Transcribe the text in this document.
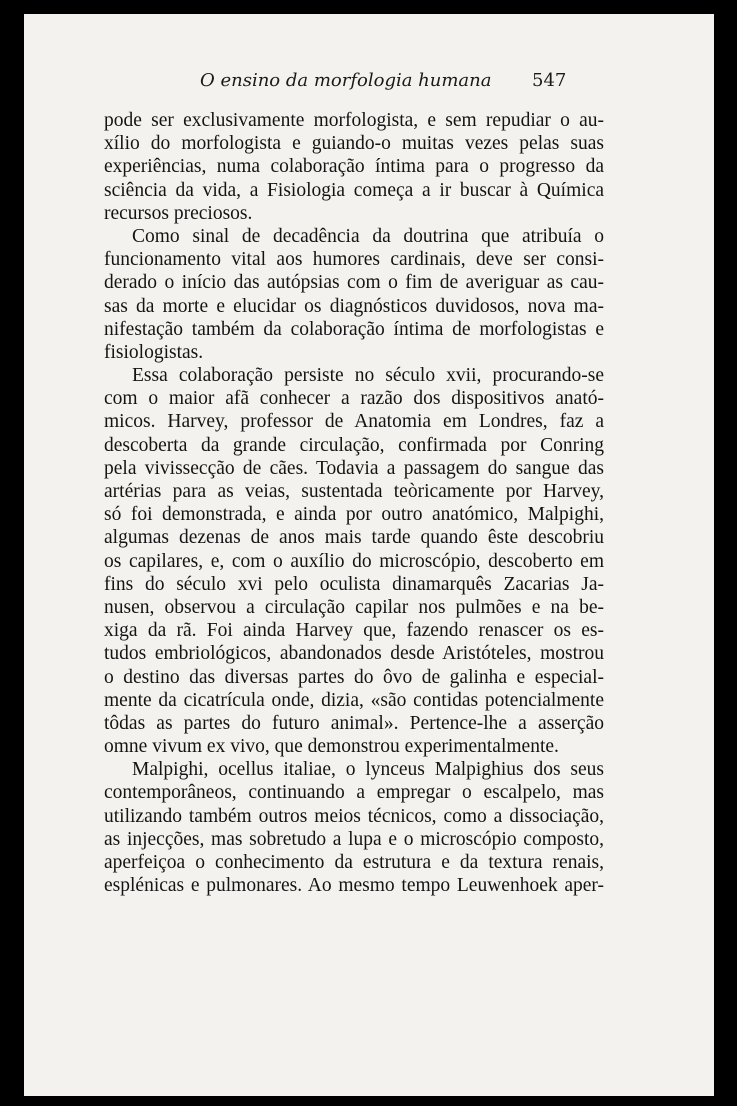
O ensino da morfologia humana 547
pode ser exclusivamente morfologista, e sem repudiar o au-
xílio do morfologista e guiando-o muitas vezes pelas suas
experiências, numa colaboração íntima para o progresso da
sciência da vida, a Fisiologia começa a ir buscar à Química
recursos preciosos.
Como sinal de decadência da doutrina que atribuía o
funcionamento vital aos humores cardinais, deve ser consi-
derado o início das autópsias com o fim de averiguar as cau-
sas da morte e elucidar os diagnósticos duvidosos, nova ma-
nifestação também da colaboração íntima de morfologistas e
fisiologistas.
Essa colaboração persiste no século xvii, procurando-se
com o maior afã conhecer a razão dos dispositivos anató-
micos. Harvey, professor de Anatomia em Londres, faz a
descoberta da grande circulação, confirmada por Conring
pela vivissecção de cães. Todavia a passagem do sangue das
artérias para as veias, sustentada teòricamente por Harvey,
só foi demonstrada, e ainda por outro anatómico, Malpighi,
algumas dezenas de anos mais tarde quando êste descobriu
os capilares, e, com o auxílio do microscópio, descoberto em
fins do século xvi pelo oculista dinamarquês Zacarias Ja-
nusen, observou a circulação capilar nos pulmões e na be-
xiga da rã. Foi ainda Harvey que, fazendo renascer os es-
tudos embriológicos, abandonados desde Aristóteles, mostrou
o destino das diversas partes do ôvo de galinha e especial-
mente da cicatrícula onde, dizia, «são contidas potencialmente
tôdas as partes do futuro animal». Pertence-lhe a asserção
omne vivum ex vivo, que demonstrou experimentalmente.
Malpighi, ocellus italiae, o lynceus Malpighius dos seus
contemporâneos, continuando a empregar o escalpelo, mas
utilizando também outros meios técnicos, como a dissociação,
as injecções, mas sobretudo a lupa e o microscópio composto,
aperfeiçoa o conhecimento da estrutura e da textura renais,
esplénicas e pulmonares. Ao mesmo tempo Leuwenhoek aper-
